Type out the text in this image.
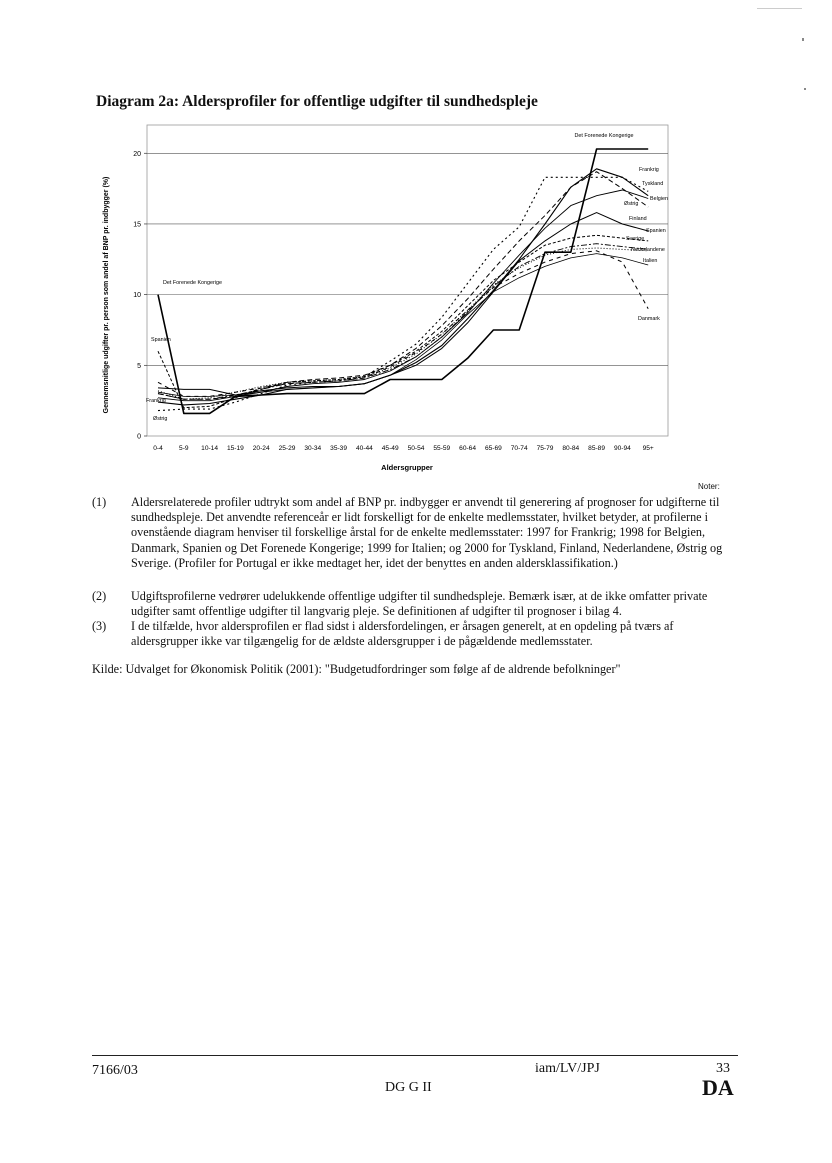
Diagram 2a: Aldersprofiler for offentlige udgifter til sundhedspleje
0
5
10
15
20
0-4 5-9 10-14 15-19 20-24 25-29 30-34 35-39 40-44 45-49 50-54 55-59 60-64 65-69 70-74 75-79 80-84 85-89 90-94 95+
Det Forenede Kongerige
Det Forenede Kongerige
Frankrig
Frankrig
Tyskland
Belgien
Østrig
Østrig
Finland
Spanien
Spanien
Sverige
Nederlandene
Italien
Danmark
Aldersgrupper
Gennemsnitlige udgifter pr. person som andel af BNP pr. indbygger (%)
Noter:
(1) Aldersrelaterede profiler udtrykt som andel af BNP pr. indbygger er anvendt til generering af prognoser for udgifterne til sundhedspleje. Det anvendte referenceår er lidt forskelligt for de enkelte medlemsstater, hvilket betyder, at profilerne i ovenstående diagram henviser til forskellige årstal for de enkelte medlemsstater: 1997 for Frankrig; 1998 for Belgien, Danmark, Spanien og Det Forenede Kongerige; 1999 for Italien; og 2000 for Tyskland, Finland, Nederlandene, Østrig og Sverige. (Profiler for Portugal er ikke medtaget her, idet der benyttes en anden aldersklassifikation.)
(2) Udgiftsprofilerne vedrører udelukkende offentlige udgifter til sundhedspleje. Bemærk især, at de ikke omfatter private udgifter samt offentlige udgifter til langvarig pleje. Se definitionen af udgifter til prognoser i bilag 4.
(3) I de tilfælde, hvor aldersprofilen er flad sidst i aldersfordelingen, er årsagen generelt, at en opdeling på tværs af aldersgrupper ikke var tilgængelig for de ældste aldersgrupper i de pågældende medlemsstater.
Kilde: Udvalget for Økonomisk Politik (2001): "Budgetudfordringer som følge af de aldrende befolkninger"
7166/03
DG G II
iam/LV/JPJ	33
DA
